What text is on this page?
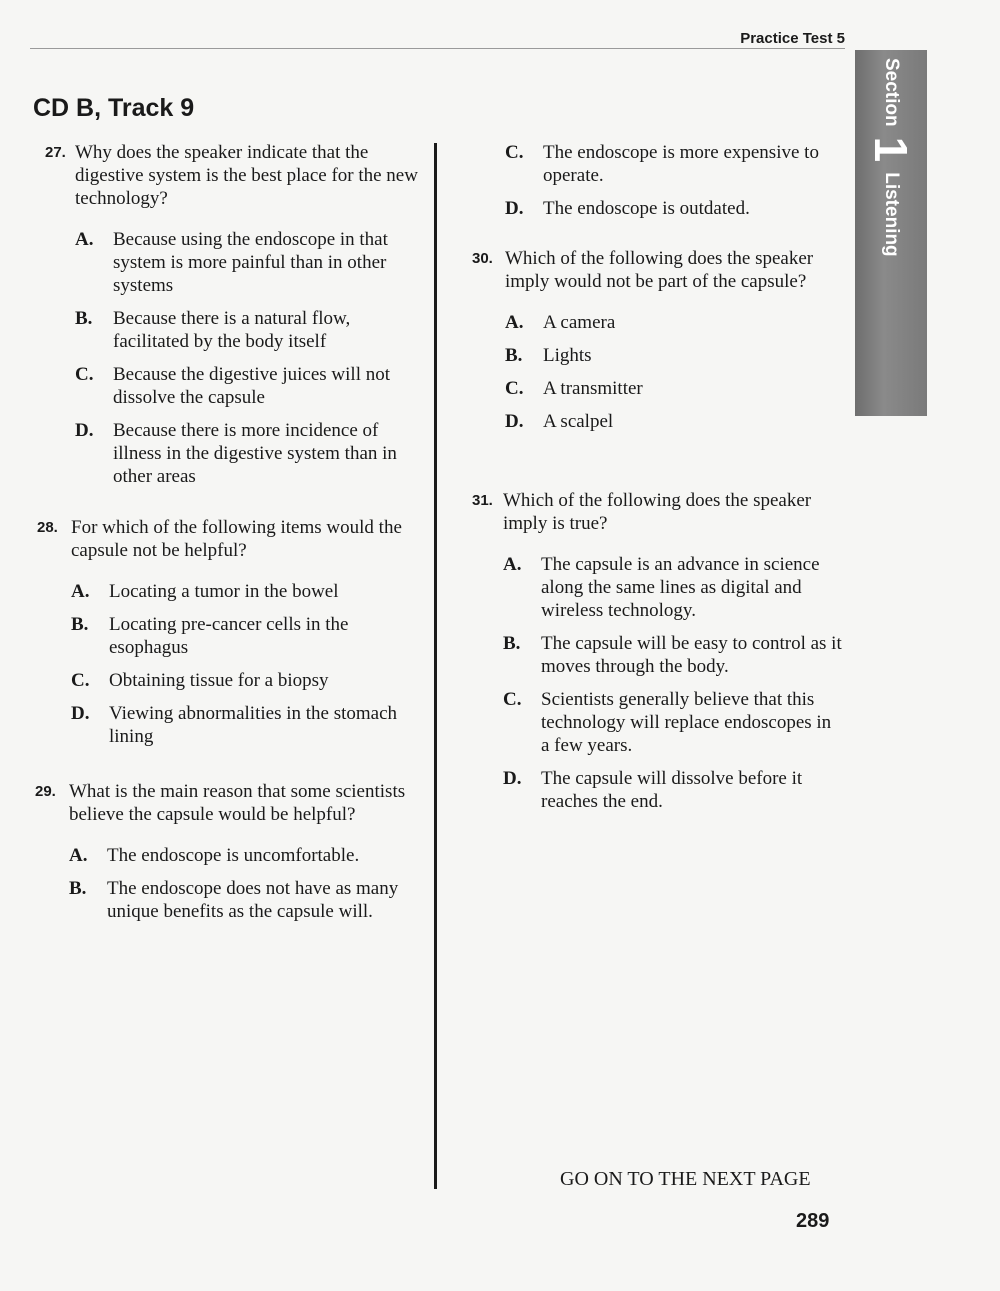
Practice Test 5
Section
1
Listening
CD B, Track 9
27. Why does the speaker indicate that the digestive system is the best place for the new technology?
A. Because using the endoscope in that system is more painful than in other systems
B. Because there is a natural flow, facilitated by the body itself
C. Because the digestive juices will not dissolve the capsule
D. Because there is more incidence of illness in the digestive system than in other areas
28. For which of the following items would the capsule not be helpful?
A. Locating a tumor in the bowel
B. Locating pre-cancer cells in the esophagus
C. Obtaining tissue for a biopsy
D. Viewing abnormalities in the stomach lining
29. What is the main reason that some scientists believe the capsule would be helpful?
A. The endoscope is uncomfortable.
B. The endoscope does not have as many unique benefits as the capsule will.
C. The endoscope is more expensive to operate.
D. The endoscope is outdated.
30. Which of the following does the speaker imply would not be part of the capsule?
A. A camera
B. Lights
C. A transmitter
D. A scalpel
31. Which of the following does the speaker imply is true?
A. The capsule is an advance in science along the same lines as digital and wireless technology.
B. The capsule will be easy to control as it moves through the body.
C. Scientists generally believe that this technology will replace endoscopes in a few years.
D. The capsule will dissolve before it reaches the end.
GO ON TO THE NEXT PAGE
289
